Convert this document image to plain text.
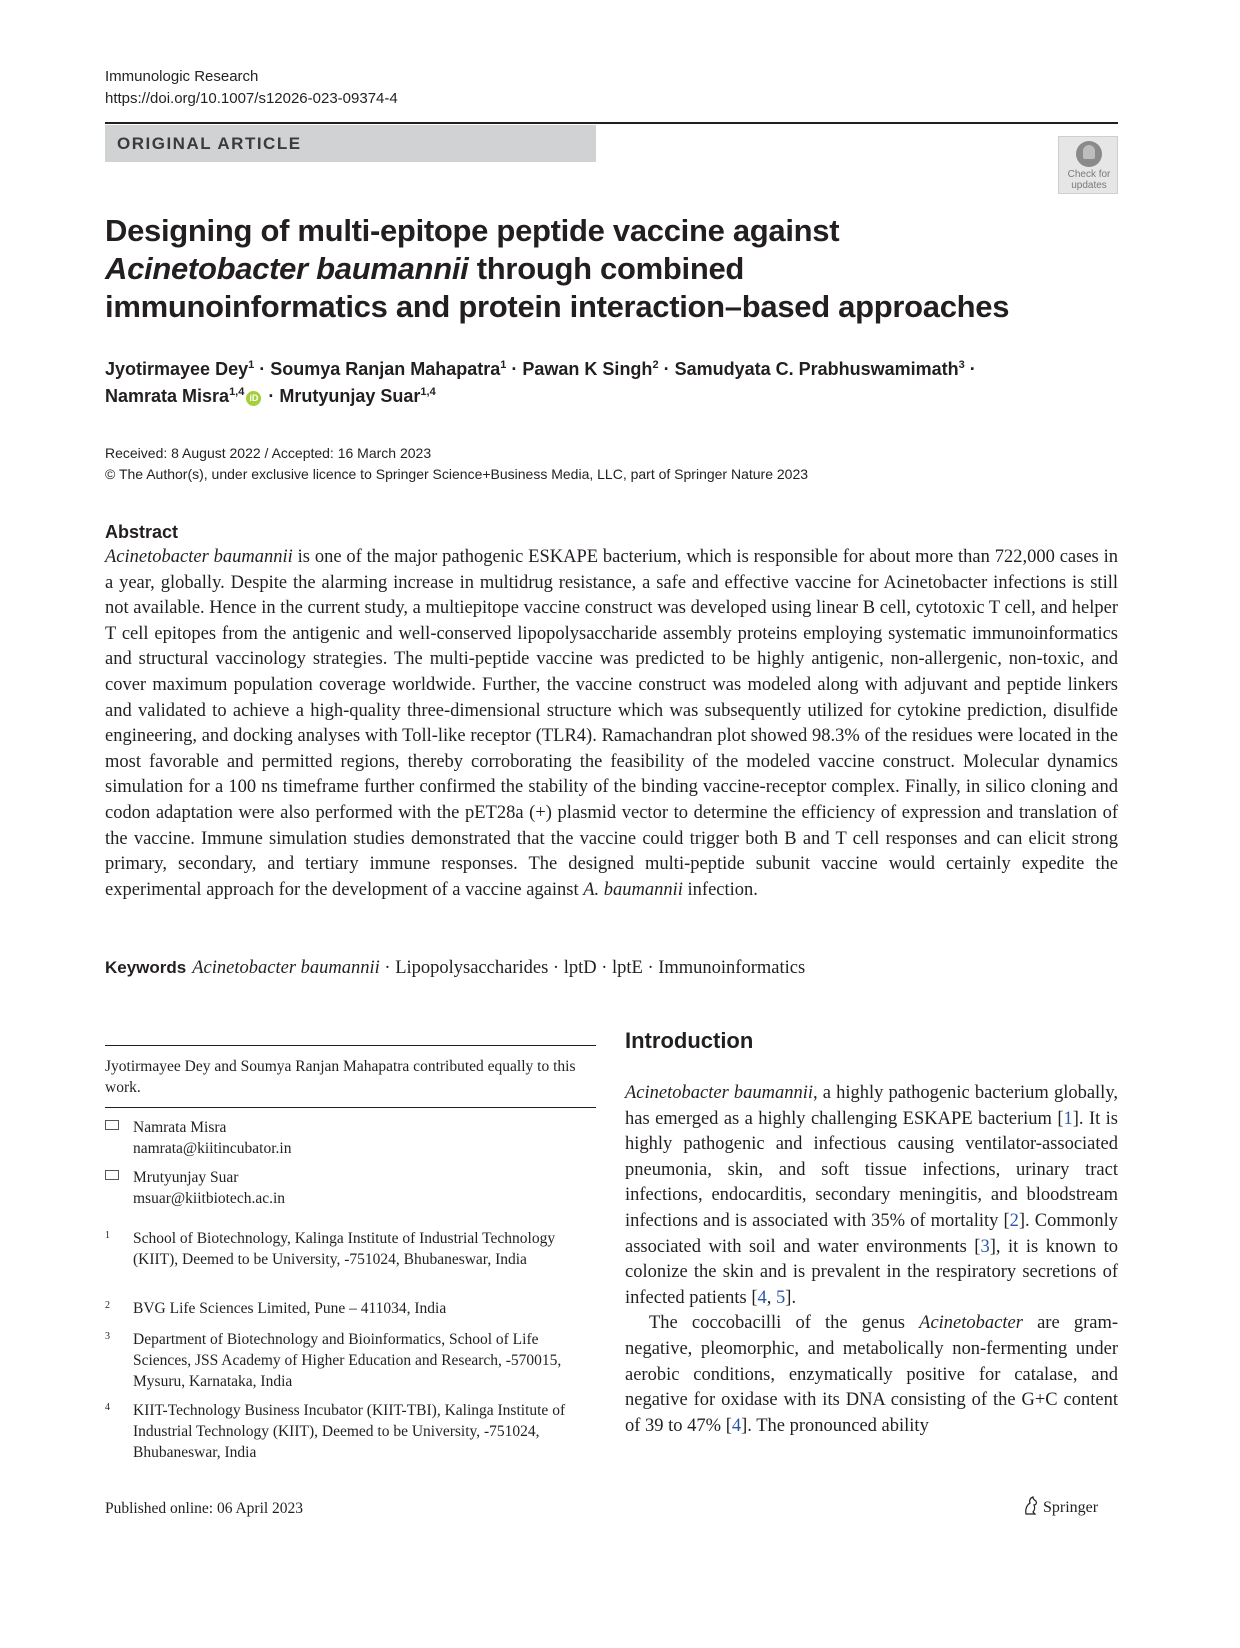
Immunologic Research
https://doi.org/10.1007/s12026-023-09374-4
ORIGINAL ARTICLE
Check for updates
Designing of multi-epitope peptide vaccine against Acinetobacter baumannii through combined immunoinformatics and protein interaction–based approaches
Jyotirmayee Dey$^1$ · Soumya Ranjan Mahapatra$^1$ · Pawan K Singh$^2$ · Samudyata C. Prabhuswamimath$^3$ ·
Namrata Misra$^{1,4}$ iD · Mrutyunjay Suar$^{1,4}$
Received: 8 August 2022 / Accepted: 16 March 2023
© The Author(s), under exclusive licence to Springer Science+Business Media, LLC, part of Springer Nature 2023
Abstract
Acinetobacter baumannii is one of the major pathogenic ESKAPE bacterium, which is responsible for about more than 722,000 cases in a year, globally. Despite the alarming increase in multidrug resistance, a safe and effective vaccine for Acinetobacter infections is still not available. Hence in the current study, a multiepitope vaccine construct was developed using linear B cell, cytotoxic T cell, and helper T cell epitopes from the antigenic and well-conserved lipopolysaccharide assembly proteins employing systematic immunoinformatics and structural vaccinology strategies. The multi-peptide vaccine was predicted to be highly antigenic, non-allergenic, non-toxic, and cover maximum population coverage worldwide. Further, the vaccine construct was modeled along with adjuvant and peptide linkers and validated to achieve a high-quality three-dimensional structure which was subsequently utilized for cytokine prediction, disulfide engineering, and docking analyses with Toll-like receptor (TLR4). Ramachandran plot showed 98.3% of the residues were located in the most favorable and permitted regions, thereby corroborating the feasibility of the modeled vaccine construct. Molecular dynamics simulation for a 100 ns timeframe further confirmed the stability of the binding vaccine-receptor complex. Finally, in silico cloning and codon adaptation were also performed with the pET28a (+) plasmid vector to determine the efficiency of expression and translation of the vaccine. Immune simulation studies demonstrated that the vaccine could trigger both B and T cell responses and can elicit strong primary, secondary, and tertiary immune responses. The designed multi-peptide subunit vaccine would certainly expedite the experimental approach for the development of a vaccine against A. baumannii infection.
Keywords Acinetobacter baumannii · Lipopolysaccharides · lptD · lptE · Immunoinformatics
Jyotirmayee Dey and Soumya Ranjan Mahapatra contributed equally to this work.
Namrata Misra
namrata@kiitincubator.in
Mrutyunjay Suar
msuar@kiitbiotech.ac.in
1 School of Biotechnology, Kalinga Institute of Industrial Technology (KIIT), Deemed to be University, -751024, Bhubaneswar, India
2 BVG Life Sciences Limited, Pune – 411034, India
3 Department of Biotechnology and Bioinformatics, School of Life Sciences, JSS Academy of Higher Education and Research, -570015, Mysuru, Karnataka, India
4 KIIT-Technology Business Incubator (KIIT-TBI), Kalinga Institute of Industrial Technology (KIIT), Deemed to be University, -751024, Bhubaneswar, India
Introduction

Acinetobacter baumannii, a highly pathogenic bacterium globally, has emerged as a highly challenging ESKAPE bacterium [1]. It is highly pathogenic and infectious causing ventilator-associated pneumonia, skin, and soft tissue infections, urinary tract infections, endocarditis, secondary meningitis, and bloodstream infections and is associated with 35% of mortality [2]. Commonly associated with soil and water environments [3], it is known to colonize the skin and is prevalent in the respiratory secretions of infected patients [4, 5].

The coccobacilli of the genus Acinetobacter are gram-negative, pleomorphic, and metabolically non-fermenting under aerobic conditions, enzymatically positive for catalase, and negative for oxidase with its DNA consisting of the G+C content of 39 to 47% [4]. The pronounced ability

Published online: 06 April 2023	Springer
